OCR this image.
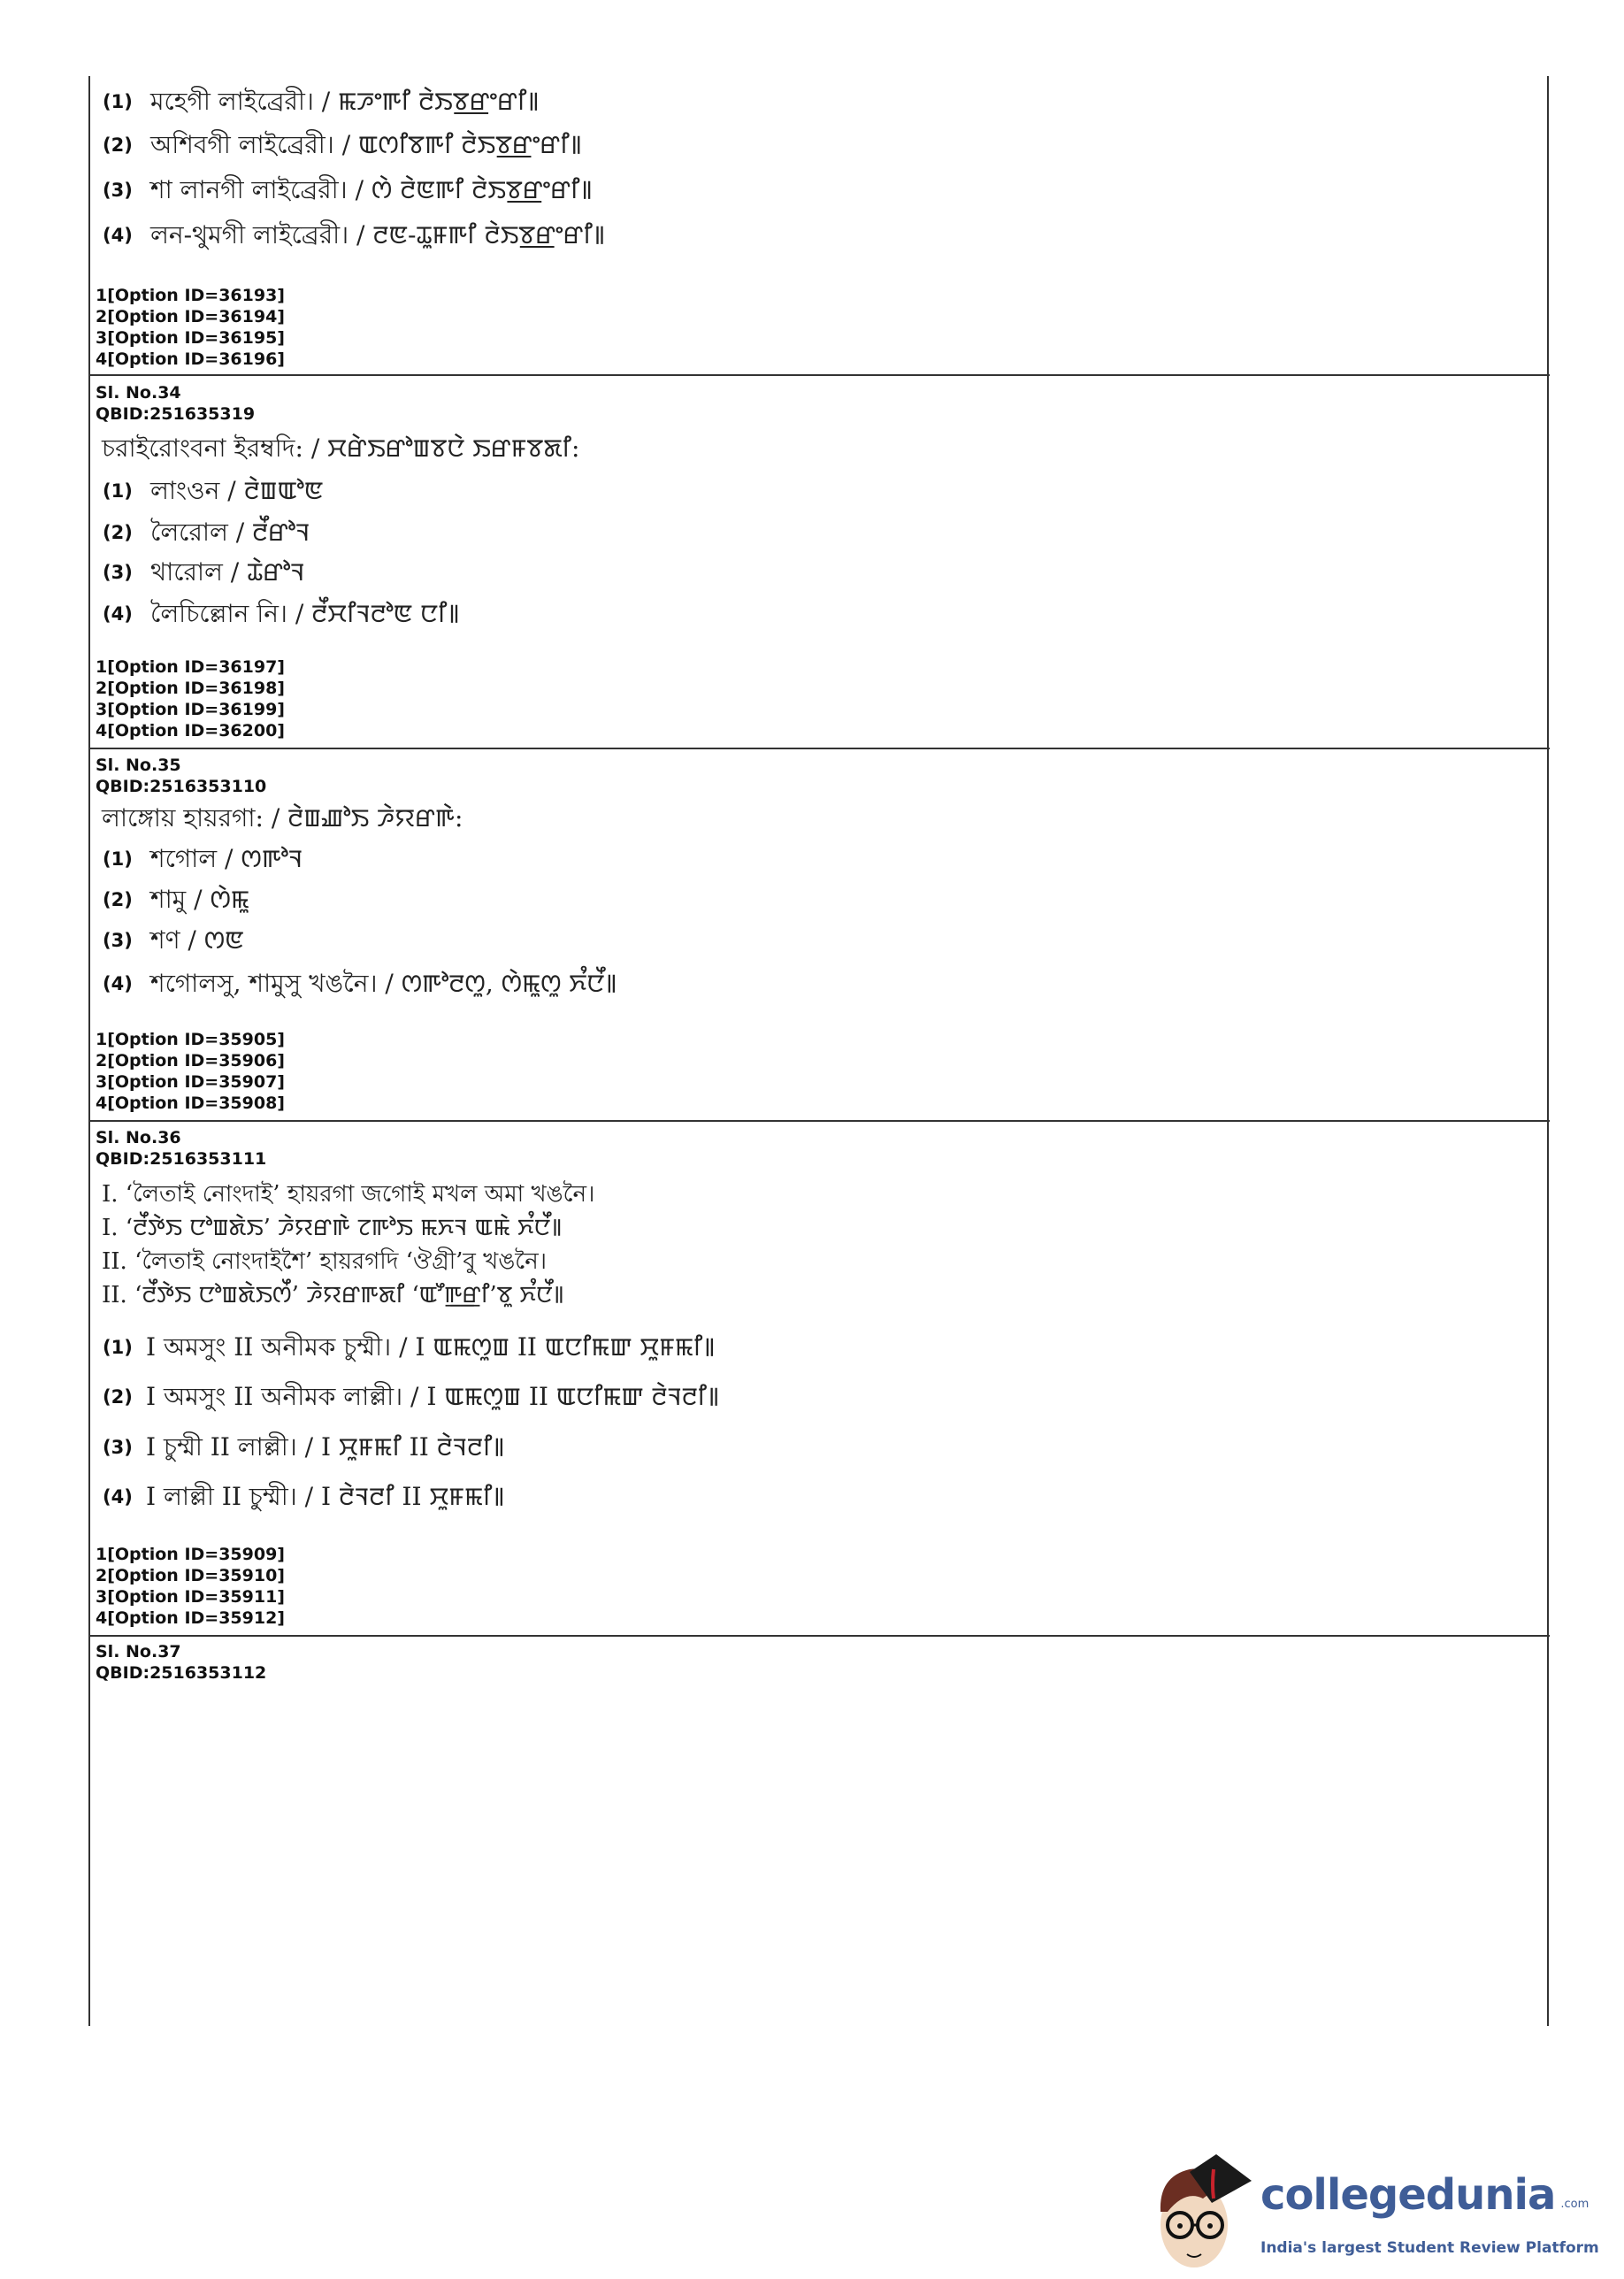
(1) মহেগী লাইব্রেরী। / ꯃꯍꯦꯒꯤ ꯂꯥꯏꯕ꯭ꯔꯦꯔꯤ꯫
(2) অশিবগী লাইব্রেরী। / ꯑꯁꯤꯕꯒꯤ ꯂꯥꯏꯕ꯭ꯔꯦꯔꯤ꯫
(3) শা লানগী লাইব্রেরী। / ꯁꯥ ꯂꯥꯟꯒꯤ ꯂꯥꯏꯕ꯭ꯔꯦꯔꯤ꯫
(4) লন-থুমগী লাইব্রেরী। / ꯂꯟ-ꯊꯨꯝꯒꯤ ꯂꯥꯏꯕ꯭ꯔꯦꯔꯤ꯫
1[Option ID=36193]
2[Option ID=36194]
3[Option ID=36195]
4[Option ID=36196]
Sl. No.34
QBID:251635319
চরাইরোংবনা ইরম্বদি: / ꯆꯔꯥꯏꯔꯣꯡꯕꯅꯥ ꯏꯔꯝꯕꯗꯤ:
(1) লাংওন / ꯂꯥꯡꯑꯣꯟ
(2) লৈরোল / ꯂꯩꯔꯣꯜ
(3) থারোল / ꯊꯥꯔꯣꯜ
(4) লৈচিল্লোন নি। / ꯂꯩꯆꯤꯜꯂꯣꯟ ꯅꯤ꯫
1[Option ID=36197]
2[Option ID=36198]
3[Option ID=36199]
4[Option ID=36200]
Sl. No.35
QBID:2516353110
লাঙ্গোয় হায়রগা: / ꯂꯥꯡꯉꯣꯏ ꯍꯥꯌꯔꯒꯥ:
(1) শগোল / ꯁꯒꯣꯜ
(2) শামু / ꯁꯥꯃꯨ
(3) শণ / ꯁꯟ
(4) শগোলসু, শামুসু খঙনৈ। / ꯁꯒꯣꯂꯁꯨ, ꯁꯥꯃꯨꯁꯨ ꯈꯪꯅꯩ꯫
1[Option ID=35905]
2[Option ID=35906]
3[Option ID=35907]
4[Option ID=35908]
Sl. No.36
QBID:2516353111
I. ‘লৈতাই নোংদাই’ হায়রগা জগোই মখল অমা খঙনৈ।
I. ‘ꯂꯩꯇꯥꯏ ꯅꯣꯡꯗꯥꯏ’ ꯍꯥꯌꯔꯒꯥ ꯖꯒꯣꯏ ꯃꯈꯜ ꯑꯃꯥ ꯈꯪꯅꯩ꯫
II. ‘লৈতাই নোংদাইশৈ’ হায়রগদি ‘ঔগ্রী’বু খঙনৈ।
II. ‘ꯂꯩꯇꯥꯏ ꯅꯣꯡꯗꯥꯏꯁꯩ’ ꯍꯥꯌꯔꯒꯗꯤ ‘ꯑꯧꯒ꯭ꯔꯤ’ꯕꯨ ꯈꯪꯅꯩ꯫
(1) I অমসুং II অনীমক চুম্মী। / I ꯑꯃꯁꯨꯡ II ꯑꯅꯤꯃꯛ ꯆꯨꯝꯃꯤ꯫
(2) I অমসুং II অনীমক লাল্লী। / I ꯑꯃꯁꯨꯡ II ꯑꯅꯤꯃꯛ ꯂꯥꯜꯂꯤ꯫
(3) I চুম্মী II লাল্লী। / I ꯆꯨꯝꯃꯤ II ꯂꯥꯜꯂꯤ꯫
(4) I লাল্লী II চুম্মী। / I ꯂꯥꯜꯂꯤ II ꯆꯨꯝꯃꯤ꯫
1[Option ID=35909]
2[Option ID=35910]
3[Option ID=35911]
4[Option ID=35912]
Sl. No.37
QBID:2516353112
collegedunia .com
India's largest Student Review Platform
